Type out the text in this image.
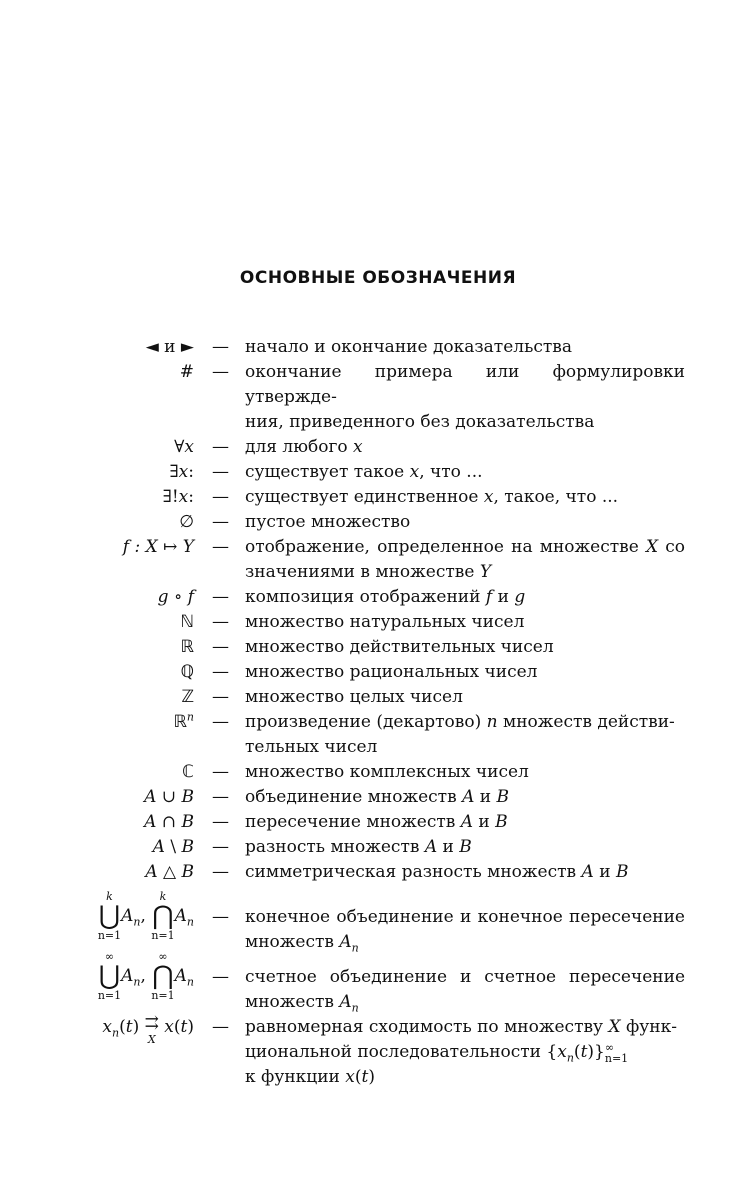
ОСНОВНЫЕ ОБОЗНАЧЕНИЯ
◄ и ► — начало и окончание доказательства
# — окончание примера или формулировки утвержде-
ния, приведенного без доказательства
∀x — для любого x
∃x: — существует такое x, что ...
∃!x: — существует единственное x, такое, что ...
∅ — пустое множество
f : X ↦ Y — отображение, определенное на множестве X со значениями в множестве Y
g ∘ f — композиция отображений f и g
ℕ — множество натуральных чисел
ℝ — множество действительных чисел
ℚ — множество рациональных чисел
ℤ — множество целых чисел
ℝ$^n$ — произведение (декартово) n множеств действи-
тельных чисел
ℂ — множество комплексных чисел
A ∪ B — объединение множеств A и B
A ∩ B — пересечение множеств A и B
A \ B — разность множеств A и B
A △ B — симметрическая разность множеств A и B
k
⋃
n=1
$A_n$,
k
⋂
n=1
$A_n$ — конечное объединение и конечное пересечение множеств $A_n$
∞
⋃
n=1
$A_n$,
∞
⋂
n=1
$A_n$ — счетное объединение и счетное пересечение множеств $A_n$
$x_n(t)$ ⇉
X
x(t) — равномерная сходимость по множеству X функ-
циональной последовательности $\{x_n(t)\}$ ∞
n=1

к функции x(t)
